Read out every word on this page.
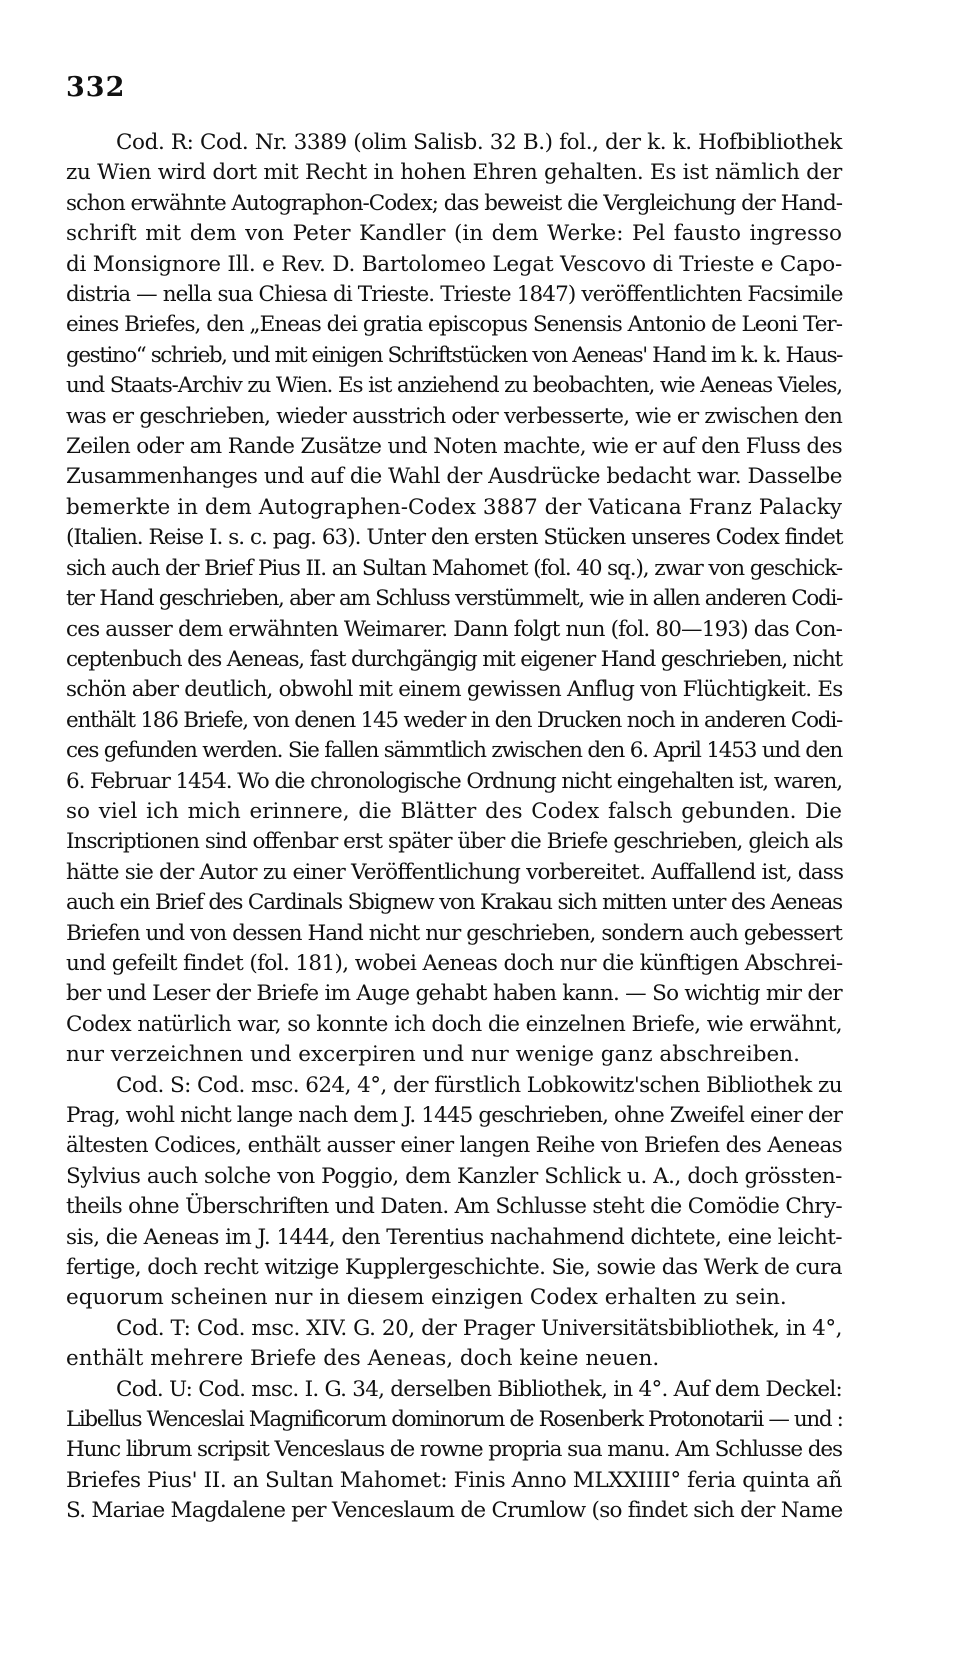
332
Cod. R: Cod. Nr. 3389 (olim Salisb. 32 B.) fol., der k. k. Hofbibliothek
zu Wien wird dort mit Recht in hohen Ehren gehalten. Es ist nämlich der
schon erwähnte Autographon-Codex; das beweist die Vergleichung der Hand-
schrift mit dem von Peter Kandler (in dem Werke: Pel fausto ingresso
di Monsignore Ill. e Rev. D. Bartolomeo Legat Vescovo di Trieste e Capo-
distria — nella sua Chiesa di Trieste. Trieste 1847) veröffentlichten Facsimile
eines Briefes, den „Eneas dei gratia episcopus Senensis Antonio de Leoni Ter-
gestino“ schrieb, und mit einigen Schriftstücken von Aeneas' Hand im k. k. Haus-
und Staats-Archiv zu Wien. Es ist anziehend zu beobachten, wie Aeneas Vieles,
was er geschrieben, wieder ausstrich oder verbesserte, wie er zwischen den
Zeilen oder am Rande Zusätze und Noten machte, wie er auf den Fluss des
Zusammenhanges und auf die Wahl der Ausdrücke bedacht war. Dasselbe
bemerkte in dem Autographen-Codex 3887 der Vaticana Franz Palacky
(Italien. Reise I. s. c. pag. 63). Unter den ersten Stücken unseres Codex findet
sich auch der Brief Pius II. an Sultan Mahomet (fol. 40 sq.), zwar von geschick-
ter Hand geschrieben, aber am Schluss verstümmelt, wie in allen anderen Codi-
ces ausser dem erwähnten Weimarer. Dann folgt nun (fol. 80—193) das Con-
ceptenbuch des Aeneas, fast durchgängig mit eigener Hand geschrieben, nicht
schön aber deutlich, obwohl mit einem gewissen Anflug von Flüchtigkeit. Es
enthält 186 Briefe, von denen 145 weder in den Drucken noch in anderen Codi-
ces gefunden werden. Sie fallen sämmtlich zwischen den 6. April 1453 und den
6. Februar 1454. Wo die chronologische Ordnung nicht eingehalten ist, waren,
so viel ich mich erinnere, die Blätter des Codex falsch gebunden. Die
Inscriptionen sind offenbar erst später über die Briefe geschrieben, gleich als
hätte sie der Autor zu einer Veröffentlichung vorbereitet. Auffallend ist, dass
auch ein Brief des Cardinals Sbignew von Krakau sich mitten unter des Aeneas
Briefen und von dessen Hand nicht nur geschrieben, sondern auch gebessert
und gefeilt findet (fol. 181), wobei Aeneas doch nur die künftigen Abschrei-
ber und Leser der Briefe im Auge gehabt haben kann. — So wichtig mir der
Codex natürlich war, so konnte ich doch die einzelnen Briefe, wie erwähnt,
nur verzeichnen und excerpiren und nur wenige ganz abschreiben.
Cod. S: Cod. msc. 624, 4°, der fürstlich Lobkowitz'schen Bibliothek zu
Prag, wohl nicht lange nach dem J. 1445 geschrieben, ohne Zweifel einer der
ältesten Codices, enthält ausser einer langen Reihe von Briefen des Aeneas
Sylvius auch solche von Poggio, dem Kanzler Schlick u. A., doch grössten-
theils ohne Überschriften und Daten. Am Schlusse steht die Comödie Chry-
sis, die Aeneas im J. 1444, den Terentius nachahmend dichtete, eine leicht-
fertige, doch recht witzige Kupplergeschichte. Sie, sowie das Werk de cura
equorum scheinen nur in diesem einzigen Codex erhalten zu sein.
Cod. T: Cod. msc. XIV. G. 20, der Prager Universitätsbibliothek, in 4°,
enthält mehrere Briefe des Aeneas, doch keine neuen.
Cod. U: Cod. msc. I. G. 34, derselben Bibliothek, in 4°. Auf dem Deckel:
Libellus Wenceslai Magnificorum dominorum de Rosenberk Protonotarii — und :
Hunc librum scripsit Venceslaus de rowne propria sua manu. Am Schlusse des
Briefes Pius' II. an Sultan Mahomet: Finis Anno MLXXIIII° feria quinta añ
S. Mariae Magdalene per Venceslaum de Crumlow (so findet sich der Name
